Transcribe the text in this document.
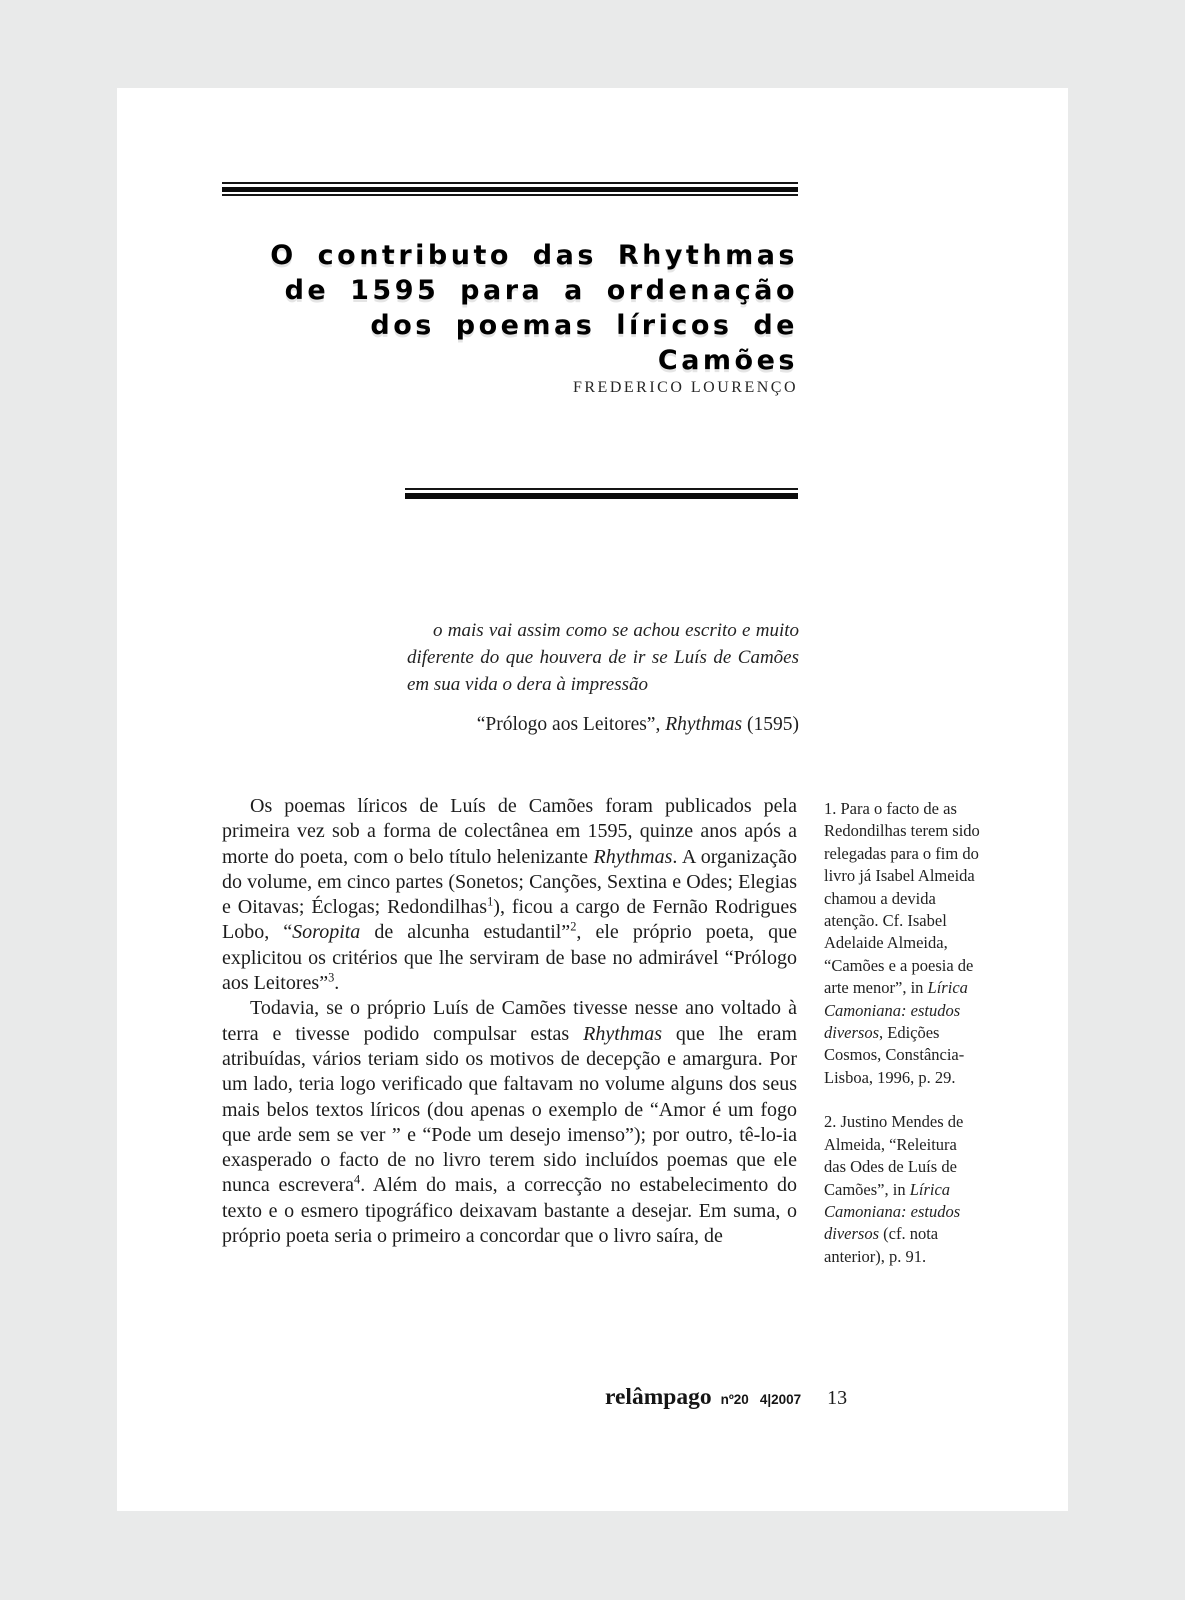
O contributo das Rhythmas
de 1595 para a ordenação
dos poemas líricos de Camões
FREDERICO LOURENÇO
o mais vai assim como se achou escrito e muito diferente do que houvera de ir se Luís de Camões em sua vida o dera à impressão
“Prólogo aos Leitores”, Rhythmas (1595)

Os poemas líricos de Luís de Camões foram publicados pela primeira vez sob a forma de colectânea em 1595, quinze anos após a morte do poeta, com o belo título helenizante Rhythmas. A organização do volume, em cinco partes (Sonetos; Canções, Sextina e Odes; Elegias e Oitavas; Éclogas; Redondilhas$^1$), ficou a cargo de Fernão Rodrigues Lobo, “Soropita de alcunha estudantil”$^2$, ele próprio poeta, que explicitou os critérios que lhe serviram de base no admirável “Prólogo aos Leitores”$^3$.

Todavia, se o próprio Luís de Camões tivesse nesse ano voltado à terra e tivesse podido compulsar estas Rhythmas que lhe eram atribuídas, vários teriam sido os motivos de decepção e amargura. Por um lado, teria logo verificado que faltavam no volume alguns dos seus mais belos textos líricos (dou apenas o exemplo de “Amor é um fogo que arde sem se ver ” e “Pode um desejo imenso”); por outro, tê-lo-ia exasperado o facto de no livro terem sido incluídos poemas que ele nunca escrevera$^4$. Além do mais, a correcção no estabelecimento do texto e o esmero tipográfico deixavam bastante a desejar. Em suma, o próprio poeta seria o primeiro a concordar que o livro saíra, de

1. Para o facto de as Redondilhas terem sido relegadas para o fim do livro já Isabel Almeida chamou a devida atenção. Cf. Isabel Adelaide Almeida, “Camões e a poesia de arte menor”, in Lírica Camoniana: estudos diversos, Edições Cosmos, Constância-Lisboa, 1996, p. 29.
2. Justino Mendes de Almeida, “Releitura das Odes de Luís de Camões”, in Lírica Camoniana: estudos diversos (cf. nota anterior), p. 91.
relâmpago nº20 4|2007 13
